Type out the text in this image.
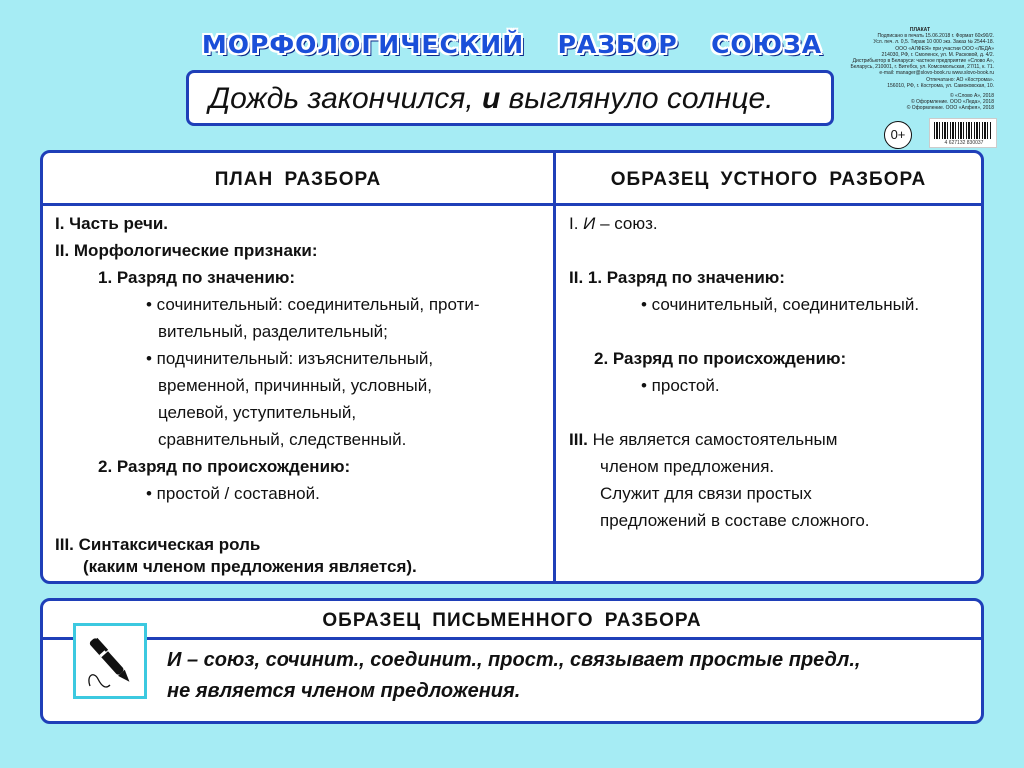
МОРФОЛОГИЧЕСКИЙ РАЗБОР СОЮЗА
Дождь закончился, и выглянуло солнце.
ПЛАКАТ
Подписано в печать 15.06.2018 г. Формат 60х90/2.
Усл. печ. л. 0,5. Тираж 10 000 экз. Заказ № 2544-18.
ООО «АЛФЕЯ» при участии ООО «ЛЕДА»
214030, РФ, г. Смоленск, ул. М. Расковой, д. 4/2.
Дистрибьютор в Беларуси: частное предприятие «Слово А»,
Беларусь, 210001, г. Витебск, ул. Комсомольская, 27/11, к. 71.
e-mail: manager@slovo-book.ru www.slovo-book.ru
Отпечатано: АО «Кострома».
156010, РФ, г. Кострома, ул. Самоковская, 10.
© «Слово А», 2018
© Оформление. ООО «Леда», 2018
© Оформление. ООО «Алфея», 2018
0+
4 627132 830037
ПЛАН РАЗБОРА	ОБРАЗЕЦ УСТНОГО РАЗБОРА
I. Часть речи.
II. Морфологические признаки:
1. Разряд по значению:
• сочинительный: соединительный, проти-
вительный, разделительный;
• подчинительный: изъяснительный,
временной, причинный, условный,
целевой, уступительный,
сравнительный, следственный.
2. Разряд по происхождению:
• простой / составной.
III. Синтаксическая роль
(каким членом предложения является).
I. И – союз.
II. 1. Разряд по значению:
• сочинительный, соединительный.
2. Разряд по происхождению:
• простой.
III. Не является самостоятельным
членом предложения.
Служит для связи простых
предложений в составе сложного.
ОБРАЗЕЦ ПИСЬМЕННОГО РАЗБОРА
И – союз, сочинит., соединит., прост., связывает простые предл.,
не является членом предложения.
